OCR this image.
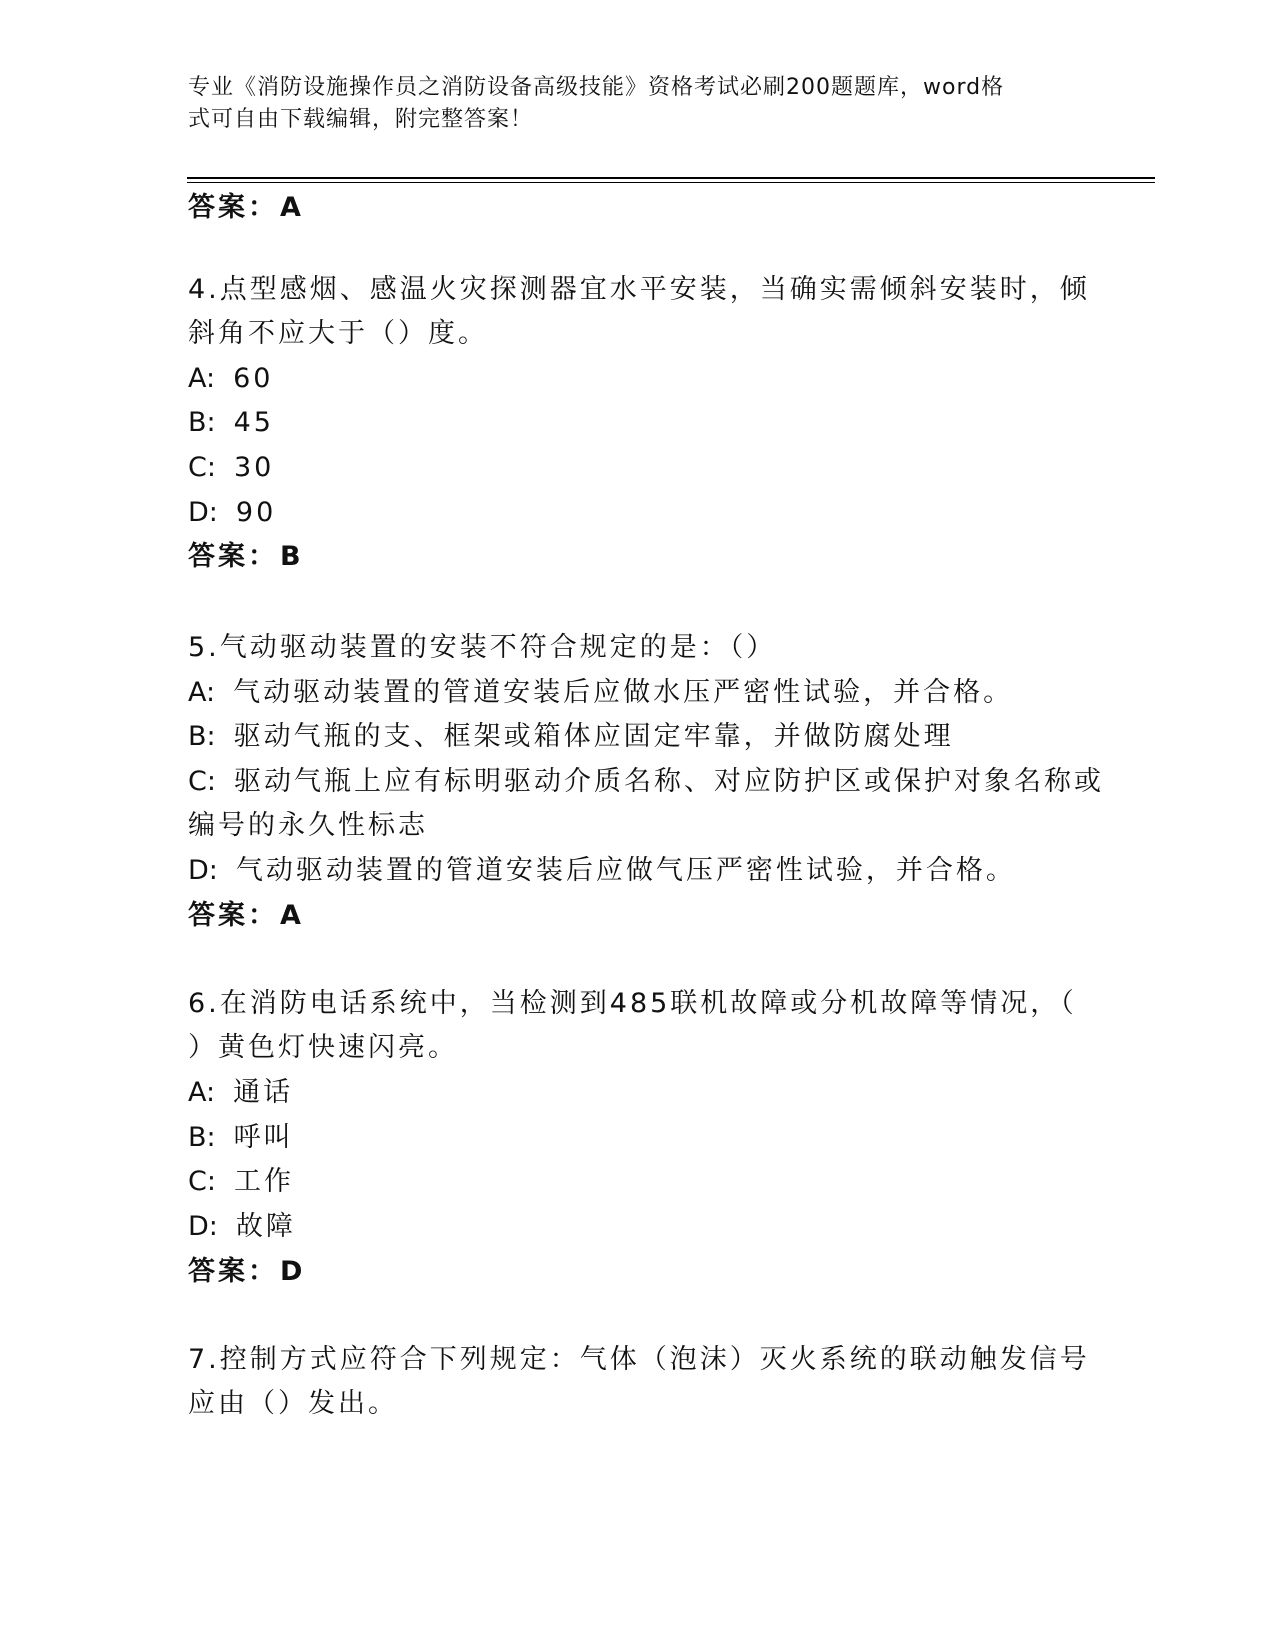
专业《消防设施操作员之消防设备高级技能》资格考试必刷200题题库，word格
式可自由下载编辑，附完整答案！
答案：A
4.点型感烟、感温火灾探测器宜水平安装，当确实需倾斜安装时，倾
斜角不应大于（）度。
A: 60
B: 45
C: 30
D: 90
答案：B
5.气动驱动装置的安装不符合规定的是：（）
A: 气动驱动装置的管道安装后应做水压严密性试验，并合格。
B: 驱动气瓶的支、框架或箱体应固定牢靠，并做防腐处理
C: 驱动气瓶上应有标明驱动介质名称、对应防护区或保护对象名称或
编号的永久性标志
D: 气动驱动装置的管道安装后应做气压严密性试验，并合格。
答案：A
6.在消防电话系统中，当检测到485联机故障或分机故障等情况，（
）黄色灯快速闪亮。
A: 通话
B: 呼叫
C: 工作
D: 故障
答案：D
7.控制方式应符合下列规定：气体（泡沫）灭火系统的联动触发信号
应由（）发出。
